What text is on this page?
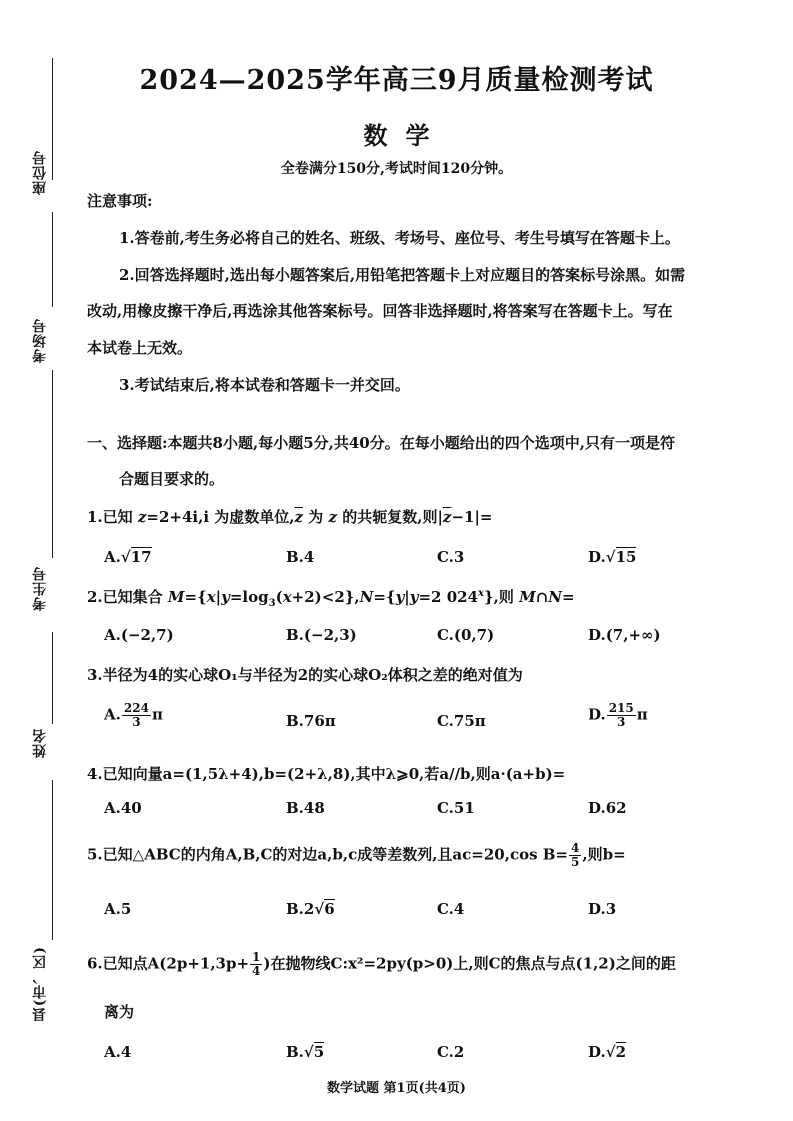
座位号
考场号
考生号
姓名
县(市、区)
2024—2025学年高三9月质量检测考试
数学
全卷满分150分,考试时间120分钟。
注意事项:
1.答卷前,考生务必将自己的姓名、班级、考场号、座位号、考生号填写在答题卡上。
2.回答选择题时,选出每小题答案后,用铅笔把答题卡上对应题目的答案标号涂黑。如需
改动,用橡皮擦干净后,再选涂其他答案标号。回答非选择题时,将答案写在答题卡上。写在
本试卷上无效。
3.考试结束后,将本试卷和答题卡一并交回。
一、选择题:本题共8小题,每小题5分,共40分。在每小题给出的四个选项中,只有一项是符
合题目要求的。
1.已知 z=2+4i,i 为虚数单位$,\overline{z}$ 为 z 的共轭复数,则$|\overline{z}-1|=$
A.√17	B.4	C.3	D.√15
2.已知集合 $M=\{x|y=\log_3(x+2)<2\},N=\{y|y=2$ 024$^x$},则 M∩N=
A.(−2,7)	B.(−2,3)	C.(0,7)	D.(7,+∞)
3.半径为4的实心球O₁与半径为2的实心球O₂体积之差的绝对值为
A. $\frac{224}{3}$ π	B.76π	C.75π	D. $\frac{215}{3}$ π
4.已知向量a=(1,5λ+4),b=(2+λ,8),其中λ⩾0,若a//b,则a·(a+b)=
A.40	B.48	C.51	D.62
5.已知△ABC的内角A,B,C的对边a,b,c成等差数列,且ac=20,cos $B= \frac{4}{5}$ ,则b=
A.5	B.2√6	C.4	D.3
6.已知点$A(2p+1,3p+ \frac{1}{4}$ )在抛物线C:x²=2py(p>0)上,则C的焦点与点(1,2)之间的距
离为
A.4	B.√5	C.2	D.√2
数学试题 第1页(共4页)
